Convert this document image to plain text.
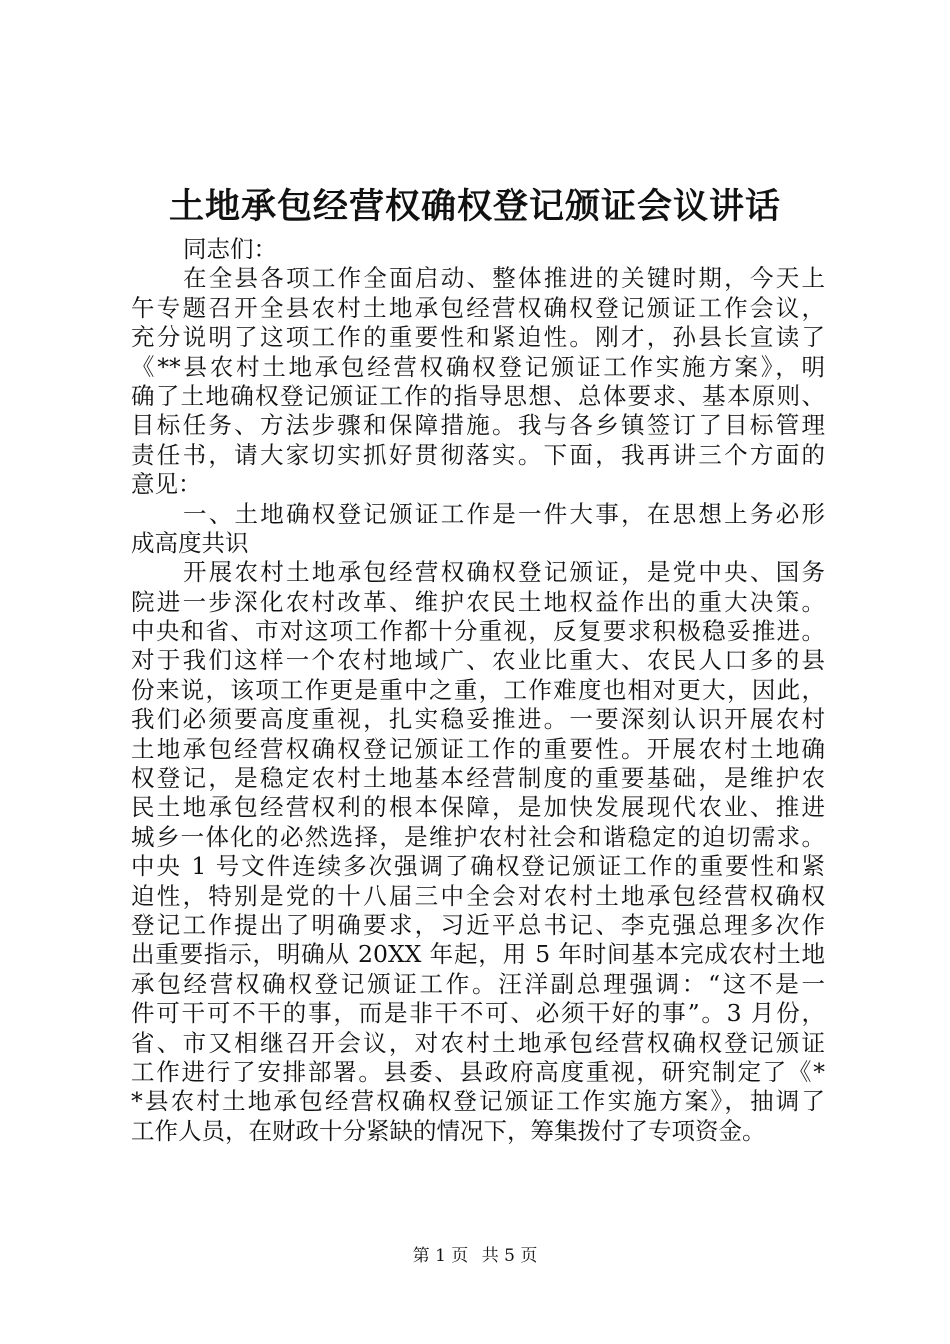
土地承包经营权确权登记颁证会议讲话
同志们：
在全县各项工作全面启动、整体推进的关键时期，今天上
午专题召开全县农村土地承包经营权确权登记颁证工作会议，
充分说明了这项工作的重要性和紧迫性。刚才，孙县长宣读了
《**县农村土地承包经营权确权登记颁证工作实施方案》，明
确了土地确权登记颁证工作的指导思想、总体要求、基本原则、
目标任务、方法步骤和保障措施。我与各乡镇签订了目标管理
责任书，请大家切实抓好贯彻落实。下面，我再讲三个方面的
意见：
一、土地确权登记颁证工作是一件大事，在思想上务必形
成高度共识
开展农村土地承包经营权确权登记颁证，是党中央、国务
院进一步深化农村改革、维护农民土地权益作出的重大决策。
中央和省、市对这项工作都十分重视，反复要求积极稳妥推进。
对于我们这样一个农村地域广、农业比重大、农民人口多的县
份来说，该项工作更是重中之重，工作难度也相对更大，因此，
我们必须要高度重视，扎实稳妥推进。一要深刻认识开展农村
土地承包经营权确权登记颁证工作的重要性。开展农村土地确
权登记，是稳定农村土地基本经营制度的重要基础，是维护农
民土地承包经营权利的根本保障，是加快发展现代农业、推进
城乡一体化的必然选择，是维护农村社会和谐稳定的迫切需求。
中央 1 号文件连续多次强调了确权登记颁证工作的重要性和紧
迫性，特别是党的十八届三中全会对农村土地承包经营权确权
登记工作提出了明确要求，习近平总书记、李克强总理多次作
出重要指示，明确从 20XX 年起，用 5 年时间基本完成农村土地
承包经营权确权登记颁证工作。汪洋副总理强调：“这不是一
件可干可不干的事，而是非干不可、必须干好的事”。3 月份，
省、市又相继召开会议，对农村土地承包经营权确权登记颁证
工作进行了安排部署。县委、县政府高度重视，研究制定了《*
*县农村土地承包经营权确权登记颁证工作实施方案》，抽调了
工作人员，在财政十分紧缺的情况下，筹集拨付了专项资金。
第 1 页 共 5 页
